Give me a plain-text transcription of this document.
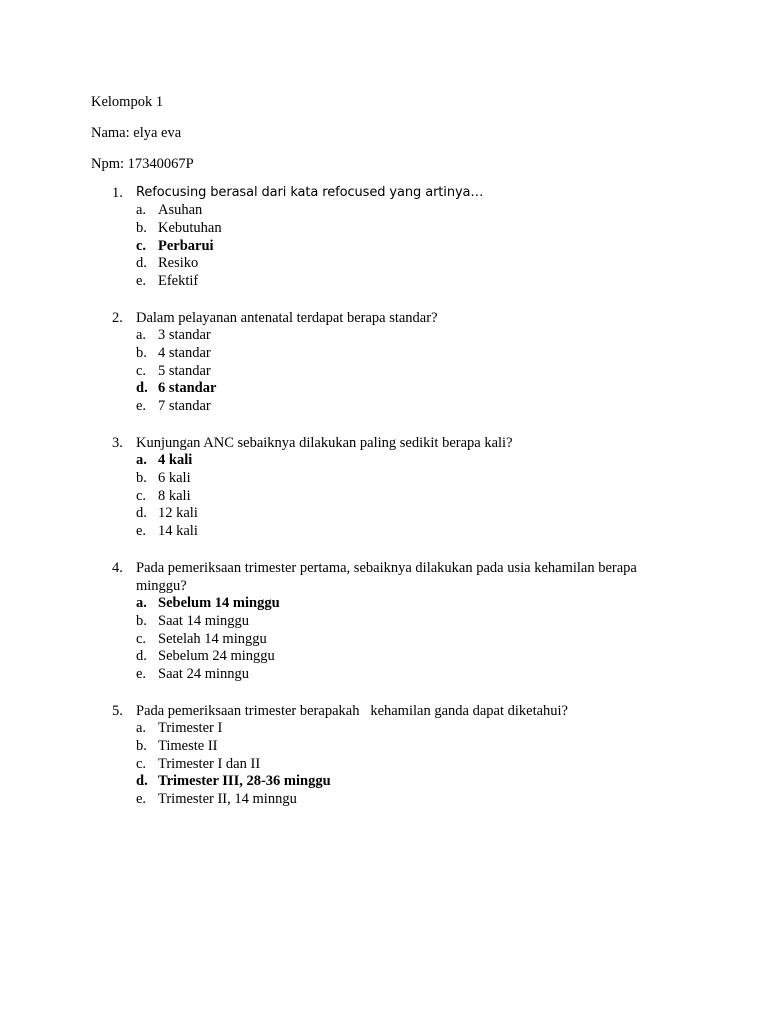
Kelompok 1
Nama: elya eva
Npm: 17340067P
1.	Refocusing berasal dari kata refocused yang artinya…
a. Asuhan
b. Kebutuhan
c. Perbarui
d. Resiko
e. Efektif
2. Dalam pelayanan antenatal terdapat berapa standar?
a. 3 standar
b. 4 standar
c. 5 standar
d. 6 standar
e. 7 standar
3. Kunjungan ANC sebaiknya dilakukan paling sedikit berapa kali?
a. 4 kali
b. 6 kali
c. 8 kali
d. 12 kali
e. 14 kali
4. Pada pemeriksaan trimester pertama, sebaiknya dilakukan pada usia kehamilan berapa minggu?
a. Sebelum 14 minggu
b. Saat 14 minggu
c. Setelah 14 minggu
d. Sebelum 24 minggu
e. Saat 24 minngu
5. Pada pemeriksaan trimester berapakah   kehamilan ganda dapat diketahui?
a. Trimester I
b. Timeste II
c. Trimester I dan II
d. Trimester III, 28-36 minggu
e. Trimester II, 14 minngu
